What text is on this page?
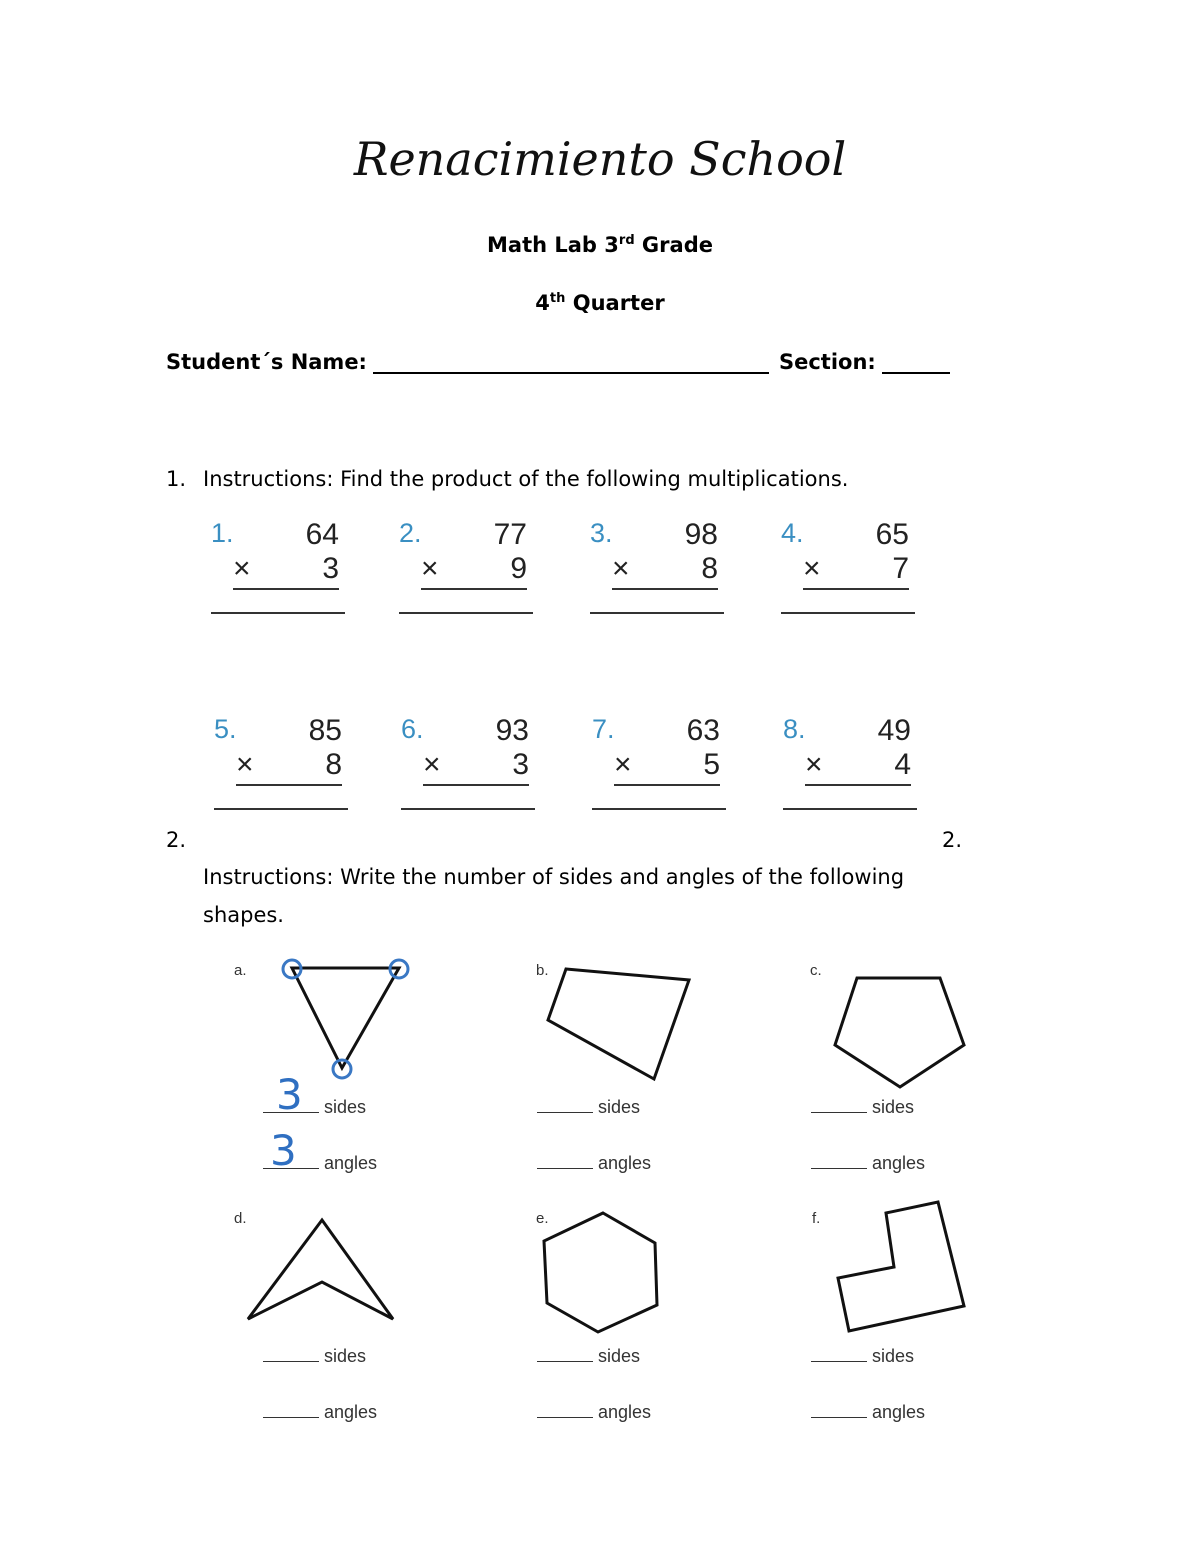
Renacimiento School
Math Lab 3rd Grade
4th Quarter
Student´s Name:	Section:
1. Instructions: Find the product of the following multiplications.
1. 64
× 3
2. 77
× 9
3. 98
× 8
4. 65
× 7
5. 85
× 8
6. 93
× 3
7. 63
× 5
8. 49
× 4
2.	2.
Instructions: Write the number of sides and angles of the following
shapes.
a.
3
3
sides
angles
b.
sides
angles
c.
sides
angles
d.
sides
angles
e.
sides
angles
f.
sides
angles
